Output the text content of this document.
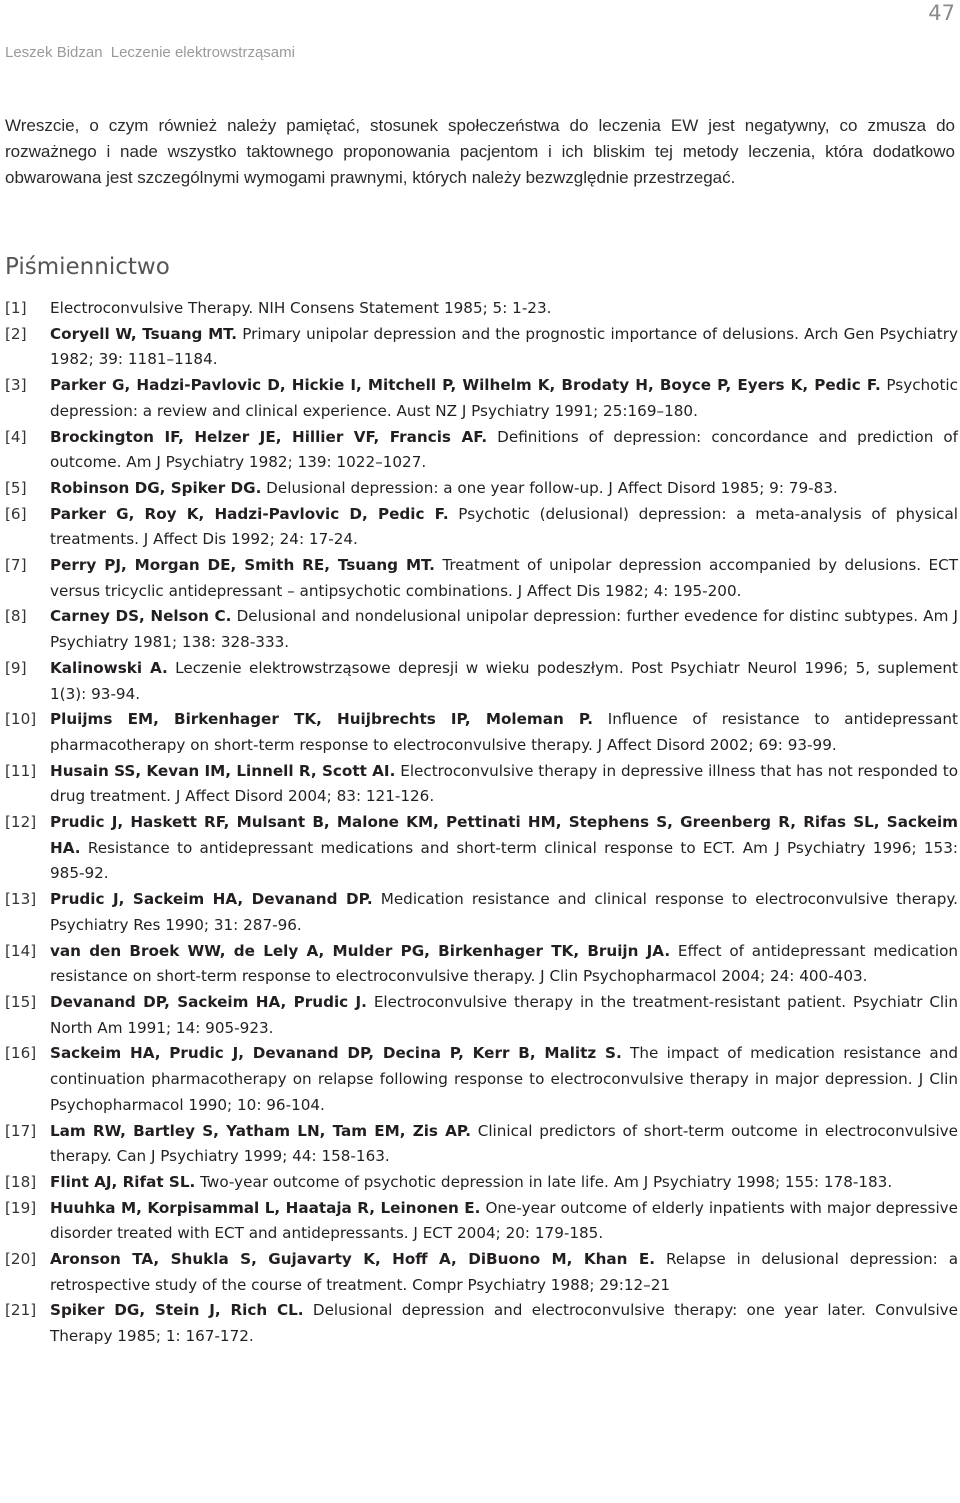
47
Leszek Bidzan Leczenie elektrowstrząsami

Wreszcie, o czym również należy pamiętać, stosunek społeczeństwa do leczenia EW jest negatywny, co zmusza do rozważnego i nade wszystko taktownego proponowania pacjentom i ich bliskim tej metody leczenia, która dodatkowo obwarowana jest szczególnymi wymogami prawnymi, których należy bezwzględnie przestrzegać.

Piśmiennictwo
[1]	Electroconvulsive Therapy. NIH Consens Statement 1985; 5: 1-23.
[2]	Coryell W, Tsuang MT. Primary unipolar depression and the prognostic importance of delusions. Arch Gen Psychiatry 1982; 39: 1181–1184.
[3]	Parker G, Hadzi-Pavlovic D, Hickie I, Mitchell P, Wilhelm K, Brodaty H, Boyce P, Eyers K, Pedic F. Psychotic depression: a review and clinical experience. Aust NZ J Psychiatry 1991; 25:169–180.
[4]	Brockington IF, Helzer JE, Hillier VF, Francis AF. Definitions of depression: concordance and prediction of outcome. Am J Psychiatry 1982; 139: 1022–1027.
[5]	Robinson DG, Spiker DG. Delusional depression: a one year follow-up. J Affect Disord 1985; 9: 79-83.
[6]	Parker G, Roy K, Hadzi-Pavlovic D, Pedic F. Psychotic (delusional) depression: a meta-analysis of physical treatments. J Affect Dis 1992; 24: 17-24.
[7]	Perry PJ, Morgan DE, Smith RE, Tsuang MT. Treatment of unipolar depression accompanied by delusions. ECT versus tricyclic antidepressant – antipsychotic combinations. J Affect Dis 1982; 4: 195-200.
[8]	Carney DS, Nelson C. Delusional and nondelusional unipolar depression: further evedence for distinc subtypes. Am J Psychiatry 1981; 138: 328-333.
[9]	Kalinowski A. Leczenie elektrowstrząsowe depresji w wieku podeszłym. Post Psychiatr Neurol 1996; 5, suplement 1(3): 93-94.
[10] Pluijms EM, Birkenhager TK, Huijbrechts IP, Moleman P. Influence of resistance to antidepressant pharmacotherapy on short-term response to electroconvulsive therapy. J Affect Disord 2002; 69: 93-99.
[11] Husain SS, Kevan IM, Linnell R, Scott AI. Electroconvulsive therapy in depressive illness that has not responded to drug treatment. J Affect Disord 2004; 83: 121-126.
[12] Prudic J, Haskett RF, Mulsant B, Malone KM, Pettinati HM, Stephens S, Greenberg R, Rifas SL, Sackeim HA. Resistance to antidepressant medications and short-term clinical response to ECT. Am J Psychiatry 1996; 153: 985-92.
[13] Prudic J, Sackeim HA, Devanand DP. Medication resistance and clinical response to electroconvulsive therapy. Psychiatry Res 1990; 31: 287-96.
[14] van den Broek WW, de Lely A, Mulder PG, Birkenhager TK, Bruijn JA. Effect of antidepressant medication resistance on short-term response to electroconvulsive therapy. J Clin Psychopharmacol 2004; 24: 400-403.
[15] Devanand DP, Sackeim HA, Prudic J. Electroconvulsive therapy in the treatment-resistant patient. Psychiatr Clin North Am 1991; 14: 905-923.
[16] Sackeim HA, Prudic J, Devanand DP, Decina P, Kerr B, Malitz S. The impact of medication resistance and continuation pharmacotherapy on relapse following response to electroconvulsive therapy in major depression. J Clin Psychopharmacol 1990; 10: 96-104.
[17] Lam RW, Bartley S, Yatham LN, Tam EM, Zis AP. Clinical predictors of short-term outcome in electroconvulsive therapy. Can J Psychiatry 1999; 44: 158-163.
[18] Flint AJ, Rifat SL. Two-year outcome of psychotic depression in late life. Am J Psychiatry 1998; 155: 178-183.
[19] Huuhka M, Korpisammal L, Haataja R, Leinonen E. One-year outcome of elderly inpatients with major depressive disorder treated with ECT and antidepressants. J ECT 2004; 20: 179-185.
[20] Aronson TA, Shukla S, Gujavarty K, Hoff A, DiBuono M, Khan E. Relapse in delusional depression: a retrospective study of the course of treatment. Compr Psychiatry 1988; 29:12–21
[21] Spiker DG, Stein J, Rich CL. Delusional depression and electroconvulsive therapy: one year later. Convulsive Therapy 1985; 1: 167-172.
